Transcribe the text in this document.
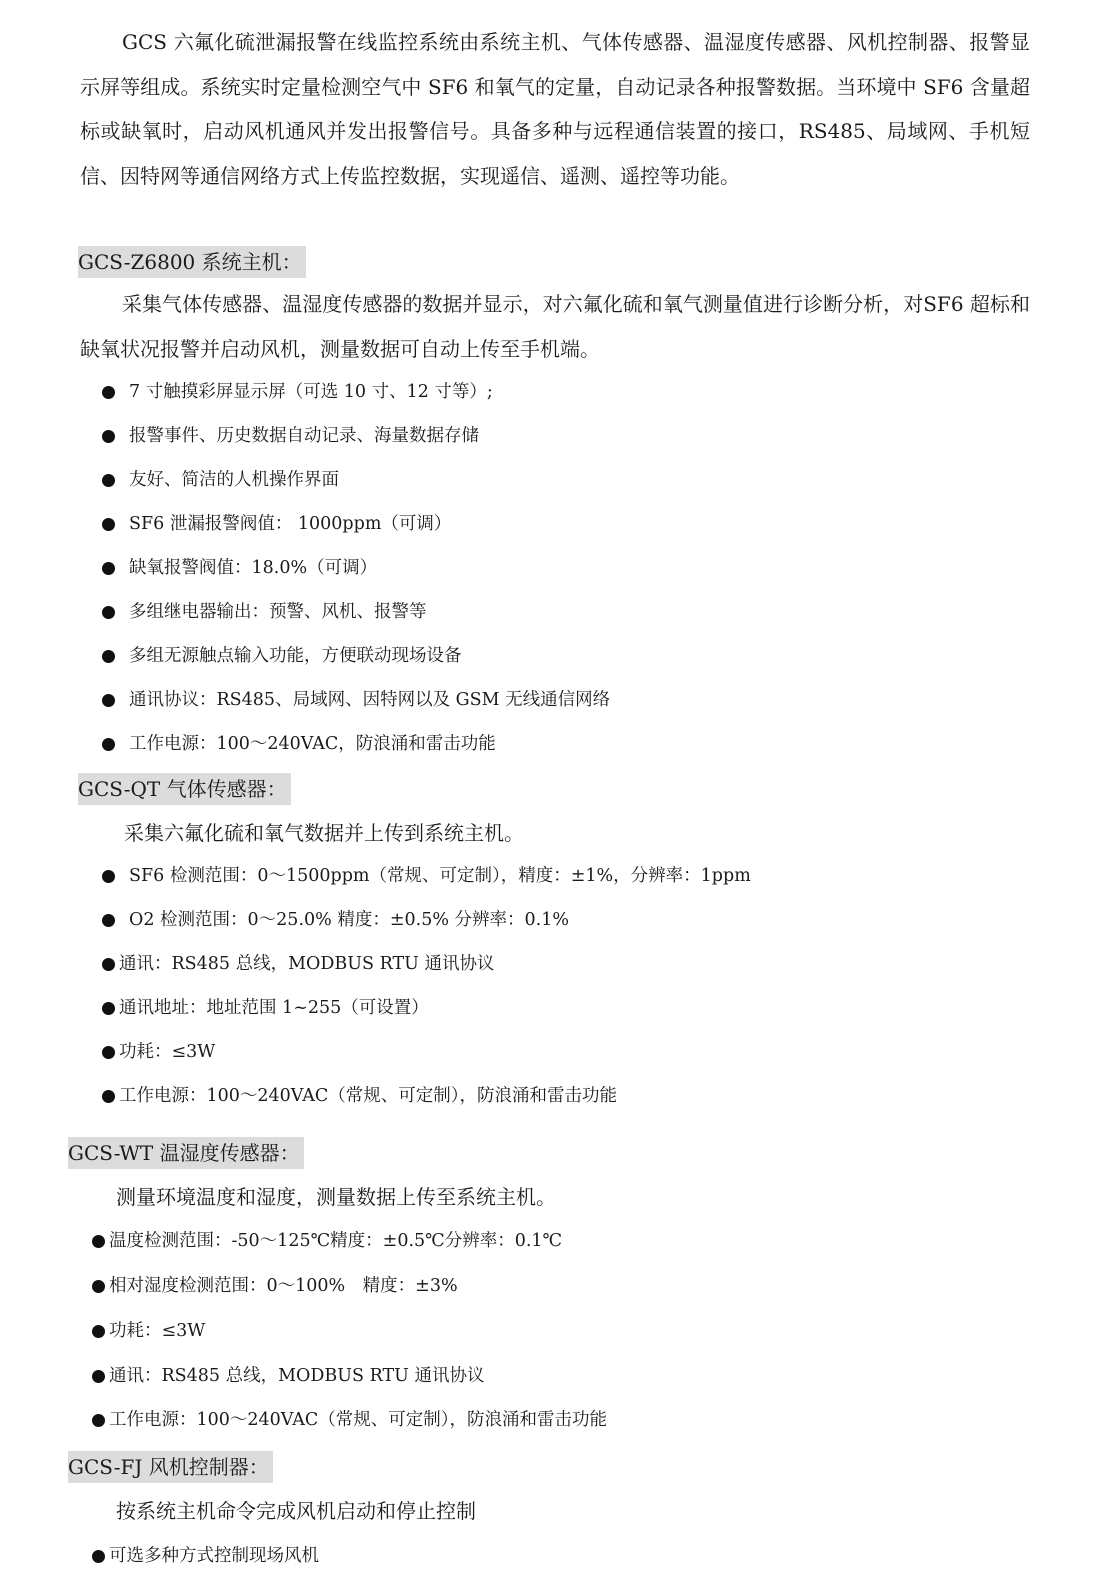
GCS 六氟化硫泄漏报警在线监控系统由系统主机、气体传感器、温湿度传感器、风机控制器、报警显示屏等组成。系统实时定量检测空气中 SF6 和氧气的定量，自动记录各种报警数据。当环境中 SF6 含量超标或缺氧时，启动风机通风并发出报警信号。具备多种与远程通信装置的接口，RS485、局域网、手机短信、因特网等通信网络方式上传监控数据，实现遥信、遥测、遥控等功能。

GCS-Z6800 系统主机：

采集气体传感器、温湿度传感器的数据并显示，对六氟化硫和氧气测量值进行诊断分析，对SF6 超标和缺氧状况报警并启动风机，测量数据可自动上传至手机端。

7 寸触摸彩屏显示屏（可选 10 寸、12 寸等）;
报警事件、历史数据自动记录、海量数据存储
友好、简洁的人机操作界面
SF6 泄漏报警阀值： 1000ppm（可调）
缺氧报警阀值：18.0%（可调）
多组继电器输出：预警、风机、报警等
多组无源触点输入功能，方便联动现场设备
通讯协议：RS485、局域网、因特网以及 GSM 无线通信网络
工作电源：100～240VAC，防浪涌和雷击功能
GCS-QT 气体传感器：
采集六氟化硫和氧气数据并上传到系统主机。
SF6 检测范围：0～1500ppm（常规、可定制），精度：±1%，分辨率：1ppm
O2 检测范围：0～25.0% 精度：±0.5% 分辨率：0.1%
通讯：RS485 总线，MODBUS RTU 通讯协议
通讯地址：地址范围 1~255（可设置）
功耗：≤3W
工作电源：100～240VAC（常规、可定制），防浪涌和雷击功能
GCS-WT 温湿度传感器：
测量环境温度和湿度，测量数据上传至系统主机。
温度检测范围：-50～125℃精度：±0.5℃分辨率：0.1℃
相对湿度检测范围：0～100%　精度：±3%
功耗：≤3W
通讯：RS485 总线，MODBUS RTU 通讯协议
工作电源：100～240VAC（常规、可定制），防浪涌和雷击功能
GCS-FJ 风机控制器：
按系统主机命令完成风机启动和停止控制
可选多种方式控制现场风机
